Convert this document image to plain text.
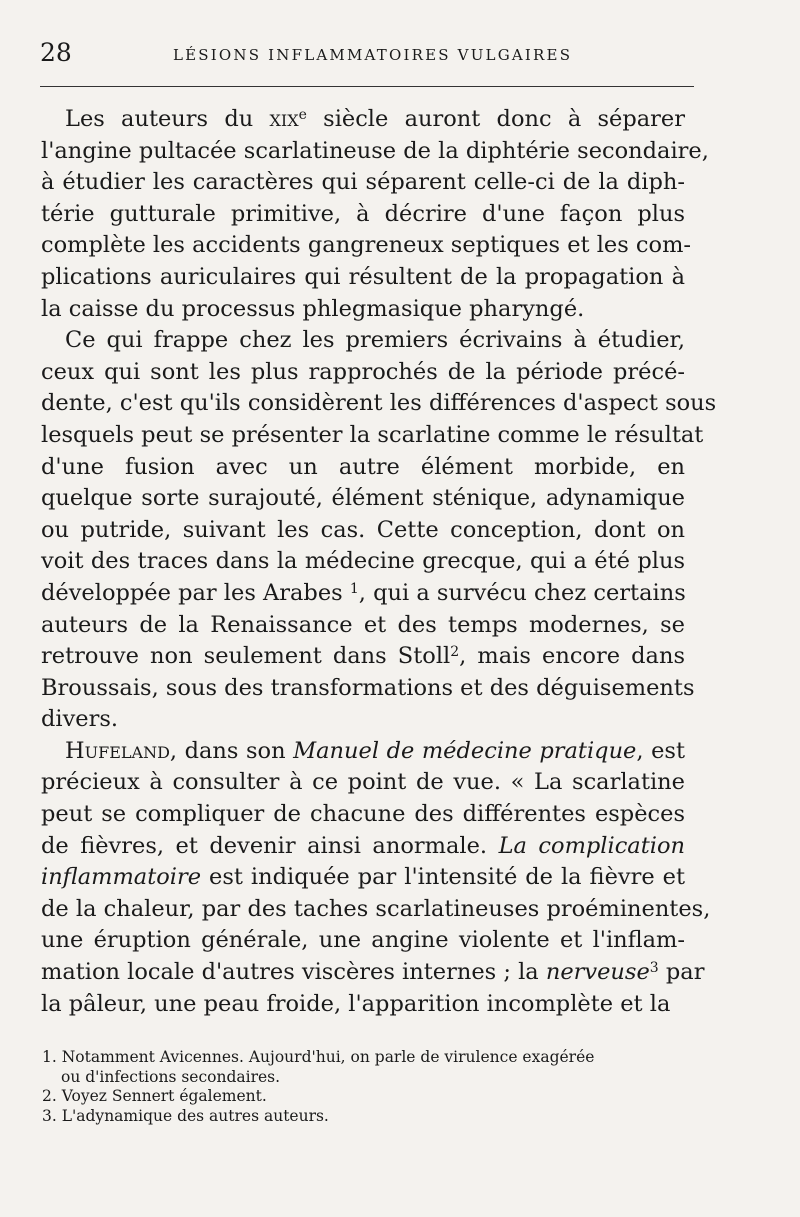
28	LÉSIONS INFLAMMATOIRES VULGAIRES
Les auteurs du xix$^e$ siècle auront donc à séparer
l'angine pultacée scarlatineuse de la diphtérie secondaire,
à étudier les caractères qui séparent celle-ci de la diph-
térie gutturale primitive, à décrire d'une façon plus
complète les accidents gangreneux septiques et les com-
plications auriculaires qui résultent de la propagation à
la caisse du processus phlegmasique pharyngé.
Ce qui frappe chez les premiers écrivains à étudier,
ceux qui sont les plus rapprochés de la période précé-
dente, c'est qu'ils considèrent les différences d'aspect sous
lesquels peut se présenter la scarlatine comme le résultat
d'une fusion avec un autre élément morbide, en
quelque sorte surajouté, élément sténique, adynamique
ou putride, suivant les cas. Cette conception, dont on
voit des traces dans la médecine grecque, qui a été plus
développée par les Arabes $^1$, qui a survécu chez certains
auteurs de la Renaissance et des temps modernes, se
retrouve non seulement dans Stoll$^2$, mais encore dans
Broussais, sous des transformations et des déguisements
divers.
Hufeland, dans son Manuel de médecine pratique, est
précieux à consulter à ce point de vue. « La scarlatine
peut se compliquer de chacune des différentes espèces
de fièvres, et devenir ainsi anormale. La complication
inflammatoire est indiquée par l'intensité de la fièvre et
de la chaleur, par des taches scarlatineuses proéminentes,
une éruption générale, une angine violente et l'inflam-
mation locale d'autres viscères internes ; la nerveuse$^3$ par
la pâleur, une peau froide, l'apparition incomplète et la
1. Notamment Avicennes. Aujourd'hui, on parle de virulence exagérée
ou d'infections secondaires.
2. Voyez Sennert également.
3. L'adynamique des autres auteurs.
